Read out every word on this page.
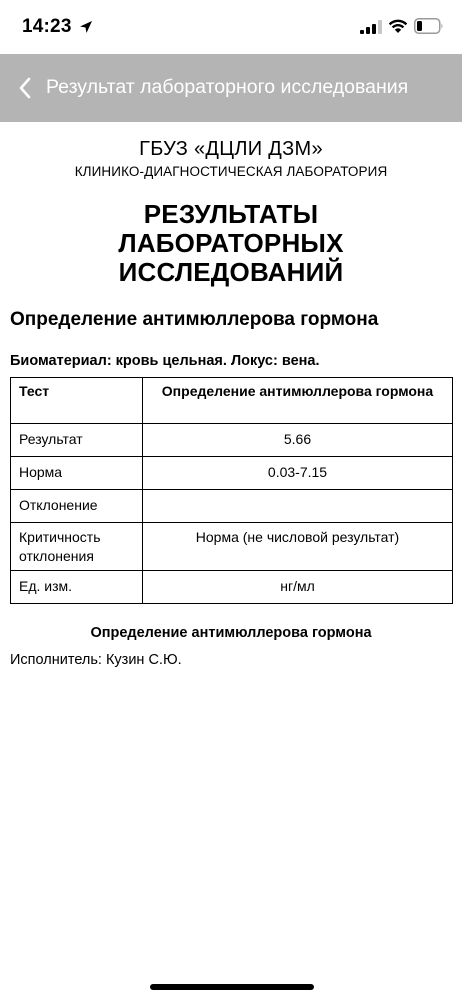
14:23
Результат лабораторного исследования
ГБУЗ «ДЦЛИ ДЗМ»
КЛИНИКО-ДИАГНОСТИЧЕСКАЯ ЛАБОРАТОРИЯ
РЕЗУЛЬТАТЫ
ЛАБОРАТОРНЫХ
ИССЛЕДОВАНИЙ
Определение антимюллерова гормона
Биоматериал: кровь цельная. Локус: вена.
Тест	Определение антимюллерова гормона
Результат	5.66
Норма	0.03-7.15
Отклонение	
Критичность отклонения	Норма (не числовой результат)
Ед. изм.	нг/мл
Определение антимюллерова гормона
Исполнитель: Кузин С.Ю.
